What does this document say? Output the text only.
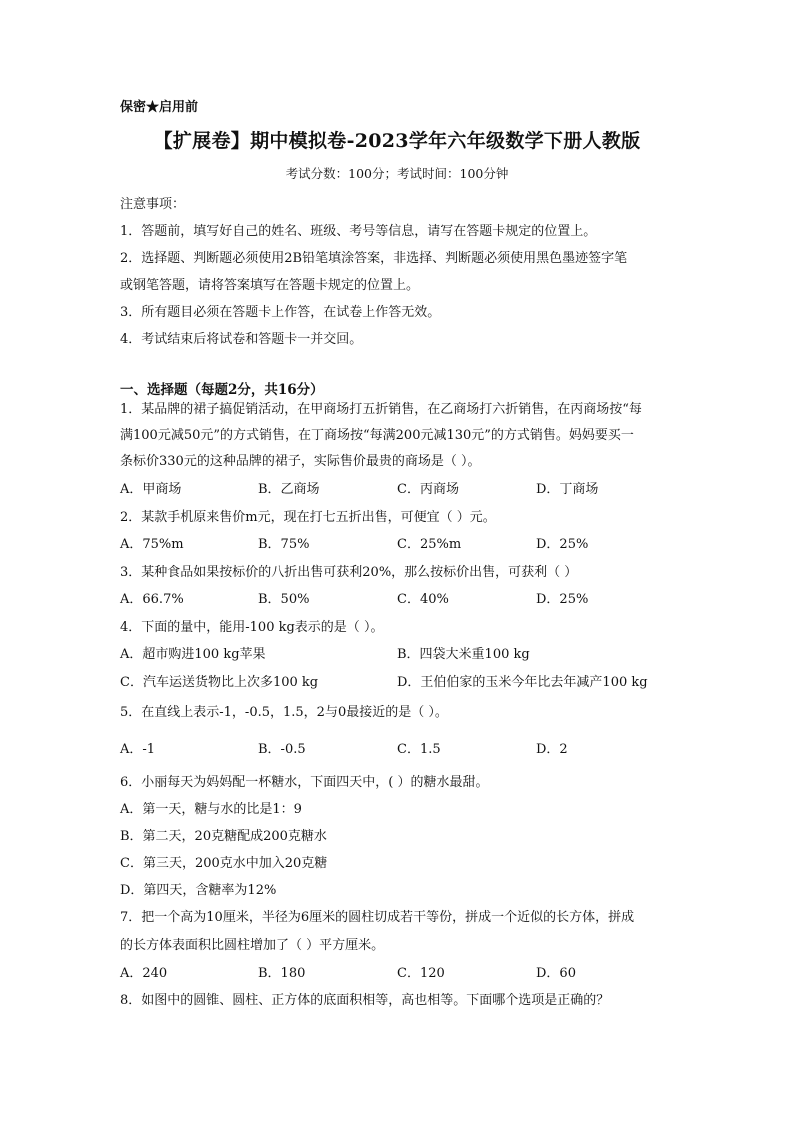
保密★启用前
【扩展卷】期中模拟卷-2023学年六年级数学下册人教版
考试分数：100分；考试时间：100分钟
注意事项：
1．答题前，填写好自己的姓名、班级、考号等信息，请写在答题卡规定的位置上。
2．选择题、判断题必须使用2B铅笔填涂答案，非选择、判断题必须使用黑色墨迹签字笔
或钢笔答题，请将答案填写在答题卡规定的位置上。
3．所有题目必须在答题卡上作答，在试卷上作答无效。
4．考试结束后将试卷和答题卡一并交回。
一、选择题（每题2分，共16分）
1．某品牌的裙子搞促销活动，在甲商场打五折销售，在乙商场打六折销售，在丙商场按“每
满100元减50元”的方式销售，在丁商场按“每满200元减130元”的方式销售。妈妈要买一
条标价330元的这种品牌的裙子，实际售价最贵的商场是（ ）。
A．甲商场	B．乙商场	C．丙商场	D．丁商场
2．某款手机原来售价m元，现在打七五折出售，可便宜（ ）元。
A．75%m	B．75%	C．25%m	D．25%
3．某种食品如果按标价的八折出售可获利20%，那么按标价出售，可获利（ ）
A．66.7%	B．50%	C．40%	D．25%
4．下面的量中，能用-100 kg表示的是（ ）。
A．超市购进100 kg苹果	B．四袋大米重100 kg
C．汽车运送货物比上次多100 kg	D．王伯伯家的玉米今年比去年减产100 kg
5．在直线上表示-1，-0.5，1.5，2与0最接近的是（ ）。
A．-1	B．-0.5	C．1.5	D．2
6．小丽每天为妈妈配一杯糖水，下面四天中，( ）的糖水最甜。
A．第一天，糖与水的比是1：9
B．第二天，20克糖配成200克糖水
C．第三天，200克水中加入20克糖
D．第四天，含糖率为12%
7．把一个高为10厘米，半径为6厘米的圆柱切成若干等份，拼成一个近似的长方体，拼成
的长方体表面积比圆柱增加了（ ）平方厘米。
A．240	B．180	C．120	D．60
8．如图中的圆锥、圆柱、正方体的底面积相等，高也相等。下面哪个选项是正确的？
